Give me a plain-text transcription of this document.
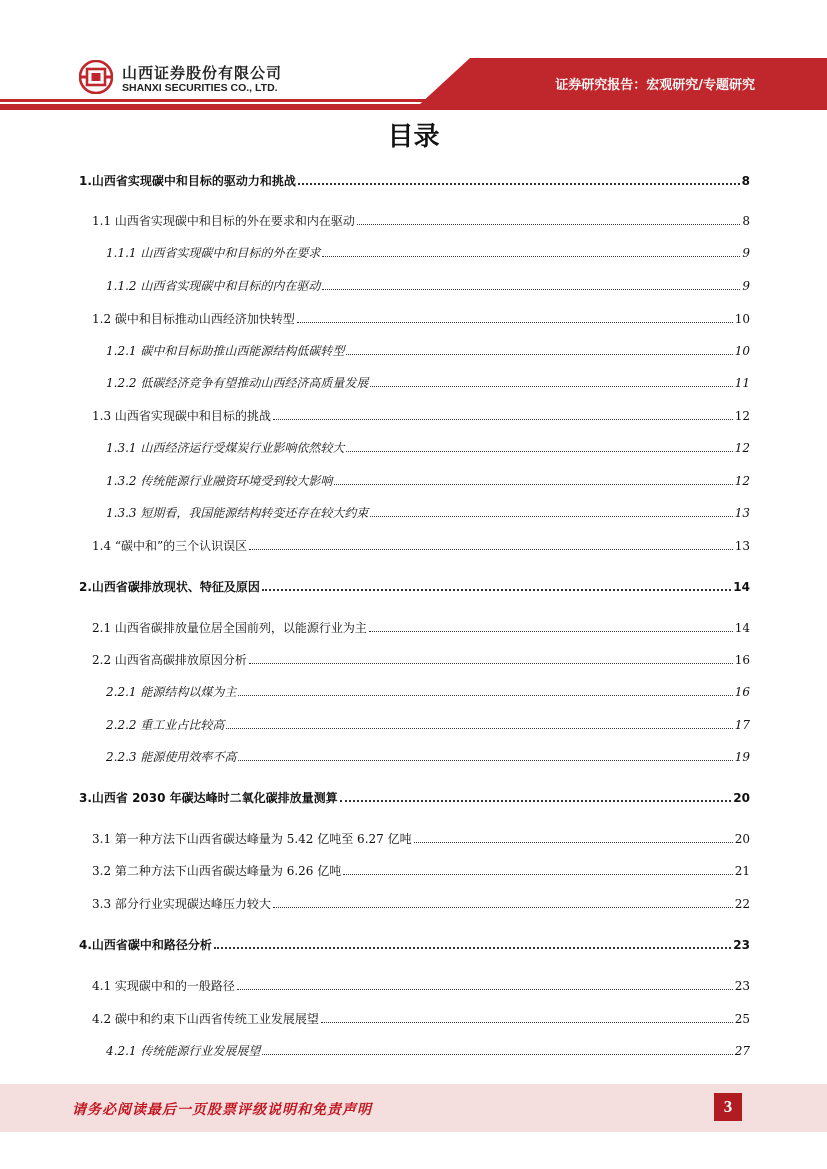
山西证券股份有限公司
SHANXI SECURITIES CO., LTD.	证券研究报告：宏观研究/专题研究
目录
1.山西省实现碳中和目标的驱动力和挑战	8
1.1 山西省实现碳中和目标的外在要求和内在驱动	8
1.1.1 山西省实现碳中和目标的外在要求	9
1.1.2 山西省实现碳中和目标的内在驱动	9
1.2 碳中和目标推动山西经济加快转型	10
1.2.1 碳中和目标助推山西能源结构低碳转型	10
1.2.2 低碳经济竞争有望推动山西经济高质量发展	11
1.3 山西省实现碳中和目标的挑战	12
1.3.1 山西经济运行受煤炭行业影响依然较大	12
1.3.2 传统能源行业融资环境受到较大影响	12
1.3.3 短期看，我国能源结构转变还存在较大约束	13
1.4 “碳中和”的三个认识误区	13
2.山西省碳排放现状、特征及原因	14
2.1 山西省碳排放量位居全国前列，以能源行业为主	14
2.2 山西省高碳排放原因分析	16
2.2.1 能源结构以煤为主	16
2.2.2 重工业占比较高	17
2.2.3 能源使用效率不高	19
3.山西省 2030 年碳达峰时二氧化碳排放量测算	20
3.1 第一种方法下山西省碳达峰量为 5.42 亿吨至 6.27 亿吨	20
3.2 第二种方法下山西省碳达峰量为 6.26 亿吨	21
3.3 部分行业实现碳达峰压力较大	22
4.山西省碳中和路径分析	23
4.1 实现碳中和的一般路径	23
4.2 碳中和约束下山西省传统工业发展展望	25
4.2.1 传统能源行业发展展望	27
请务必阅读最后一页股票评级说明和免责声明	3
